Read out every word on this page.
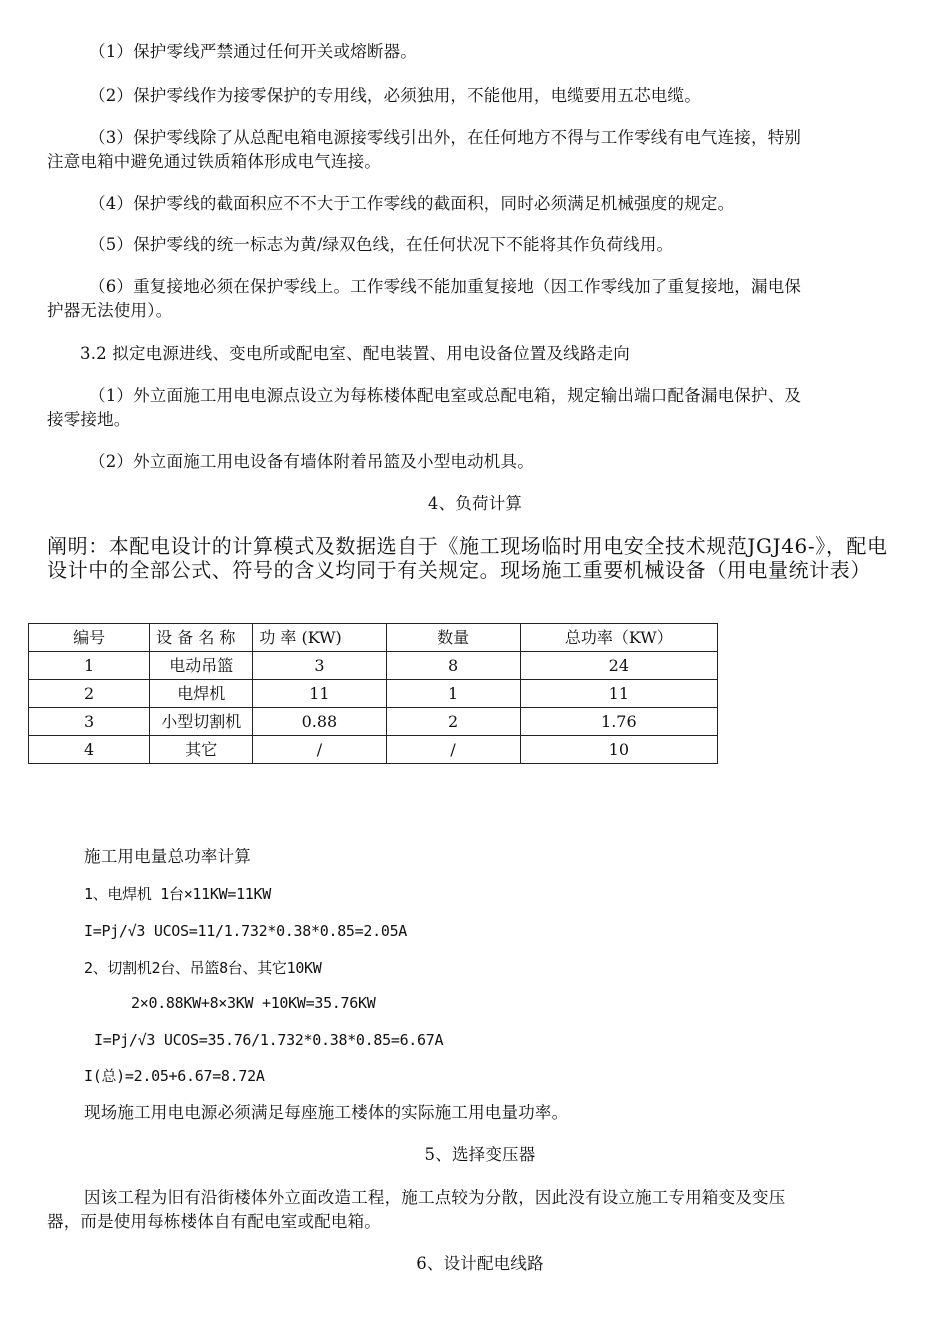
（1）保护零线严禁通过任何开关或熔断器。
（2）保护零线作为接零保护的专用线，必须独用，不能他用，电缆要用五芯电缆。
（3）保护零线除了从总配电箱电源接零线引出外，在任何地方不得与工作零线有电气连接，特别
注意电箱中避免通过铁质箱体形成电气连接。
（4）保护零线的截面积应不不大于工作零线的截面积，同时必须满足机械强度的规定。
（5）保护零线的统一标志为黄/绿双色线，在任何状况下不能将其作负荷线用。
（6）重复接地必须在保护零线上。工作零线不能加重复接地（因工作零线加了重复接地，漏电保
护器无法使用）。
3.2 拟定电源进线、变电所或配电室、配电装置、用电设备位置及线路走向
（1）外立面施工用电电源点设立为每栋楼体配电室或总配电箱，规定输出端口配备漏电保护、及
接零接地。
（2）外立面施工用电设备有墙体附着吊篮及小型电动机具。
4、负荷计算
阐明：本配电设计的计算模式及数据选自于《施工现场临时用电安全技术规范JGJ46-》，配电设计中的全部公式、符号的含义均同于有关规定。现场施工重要机械设备（用电量统计表）
编号	设 备 名 称	功 率 (KW)	数量	总功率（KW）
1	电动吊篮	3	8	24
2	电焊机	11	1	11
3	小型切割机	0.88	2	1.76
4	其它	/	/	10
施工用电量总功率计算
1、电焊机 1台×11KW=11KW
I=Pj/√3 UCOS=11/1.732*0.38*0.85=2.05A
2、切割机2台、吊篮8台、其它10KW
2×0.88KW+8×3KW +10KW=35.76KW
I=Pj/√3 UCOS=35.76/1.732*0.38*0.85=6.67A
I(总)=2.05+6.67=8.72A
现场施工用电电源必须满足每座施工楼体的实际施工用电量功率。
5、选择变压器
因该工程为旧有沿街楼体外立面改造工程，施工点较为分散，因此没有设立施工专用箱变及变压
器，而是使用每栋楼体自有配电室或配电箱。
6、设计配电线路
